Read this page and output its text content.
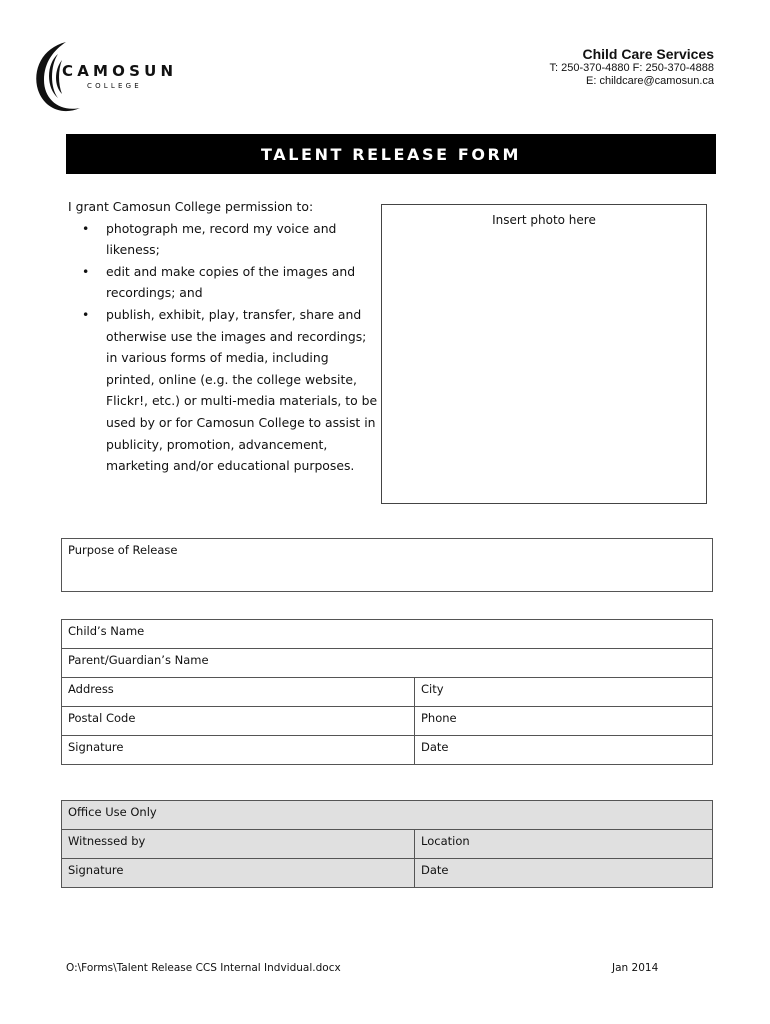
CAMOSUN
COLLEGE
Child Care Services
T: 250-370-4880 F: 250-370-4888
E: childcare@camosun.ca
TALENT RELEASE FORM
I grant Camosun College permission to:
• photograph me, record my voice and likeness;
• edit and make copies of the images and recordings; and
• publish, exhibit, play, transfer, share and otherwise use the images and recordings; in various forms of media, including printed, online (e.g. the college website, Flickr!, etc.) or multi-media materials, to be used by or for Camosun College to assist in publicity, promotion, advancement, marketing and/or educational purposes.
Insert photo here
Purpose of Release
Child’s Name	
Parent/Guardian’s Name	
Address	City
Postal Code	Phone
Signature	Date
Office Use Only	
Witnessed by	Location
Signature	Date
O:\Forms\Talent Release CCS Internal Indvidual.docx	Jan 2014
